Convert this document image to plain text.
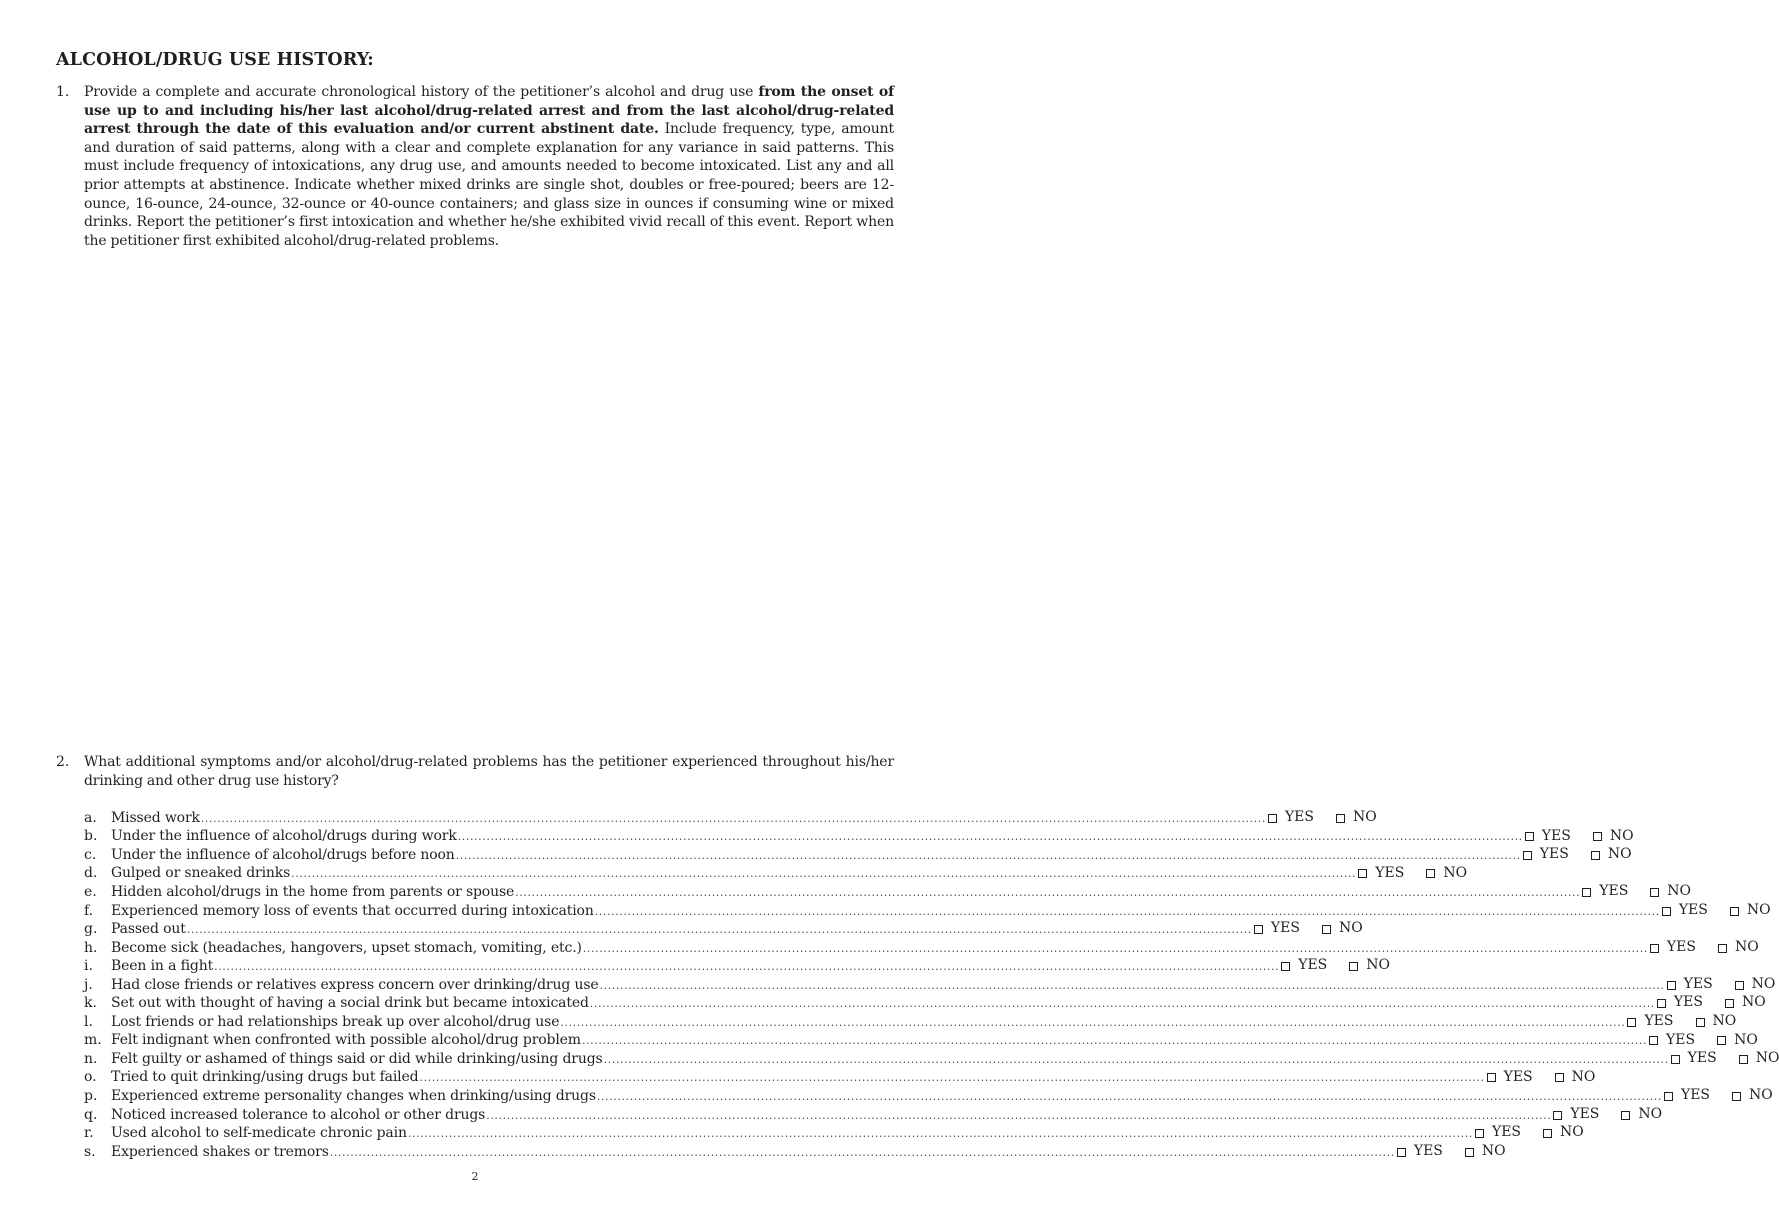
ALCOHOL/DRUG USE HISTORY:
1. Provide a complete and accurate chronological history of the petitioner’s alcohol and drug use from the onset of use up to and including his/her last alcohol/drug-related arrest and from the last alcohol/drug-related arrest through the date of this evaluation and/or current abstinent date. Include frequency, type, amount and duration of said patterns, along with a clear and complete explanation for any variance in said patterns. This must include frequency of intoxications, any drug use, and amounts needed to become intoxicated. List any and all prior attempts at abstinence. Indicate whether mixed drinks are single shot, doubles or free-poured; beers are 12-ounce, 16-ounce, 24-ounce, 32-ounce or 40-ounce containers; and glass size in ounces if consuming wine or mixed drinks. Report the petitioner’s first intoxication and whether he/she exhibited vivid recall of this event. Report when the petitioner first exhibited alcohol/drug-related problems.
2. What additional symptoms and/or alcohol/drug-related problems has the petitioner experienced throughout his/her drinking and other drug use history?
a.	Missed work .................................................................................................................................................................................................................................................................... YES	NO
b. Under the influence of alcohol/drugs during work .................................................................................................................................................................................................................................................................... YES	NO
c.	Under the influence of alcohol/drugs before noon .................................................................................................................................................................................................................................................................... YES	NO
d. Gulped or sneaked drinks .................................................................................................................................................................................................................................................................... YES	NO
e.	Hidden alcohol/drugs in the home from parents or spouse .................................................................................................................................................................................................................................................................... YES	NO
f.	Experienced memory loss of events that occurred during intoxication .................................................................................................................................................................................................................................................................... YES	NO
g. Passed out .................................................................................................................................................................................................................................................................... YES	NO
h. Become sick (headaches, hangovers, upset stomach, vomiting, etc.) .................................................................................................................................................................................................................................................................... YES	NO
i.	Been in a fight .................................................................................................................................................................................................................................................................... YES	NO
j.	Had close friends or relatives express concern over drinking/drug use .................................................................................................................................................................................................................................................................... YES	NO
k.	Set out with thought of having a social drink but became intoxicated .................................................................................................................................................................................................................................................................... YES	NO
l.	Lost friends or had relationships break up over alcohol/drug use .................................................................................................................................................................................................................................................................... YES	NO
m. Felt indignant when confronted with possible alcohol/drug problem .................................................................................................................................................................................................................................................................... YES	NO
n. Felt guilty or ashamed of things said or did while drinking/using drugs .................................................................................................................................................................................................................................................................... YES	NO
o.	Tried to quit drinking/using drugs but failed .................................................................................................................................................................................................................................................................... YES	NO
p. Experienced extreme personality changes when drinking/using drugs .................................................................................................................................................................................................................................................................... YES	NO
q. Noticed increased tolerance to alcohol or other drugs .................................................................................................................................................................................................................................................................... YES	NO
r.	Used alcohol to self-medicate chronic pain .................................................................................................................................................................................................................................................................... YES	NO
s.	Experienced shakes or tremors .................................................................................................................................................................................................................................................................... YES	NO
2
